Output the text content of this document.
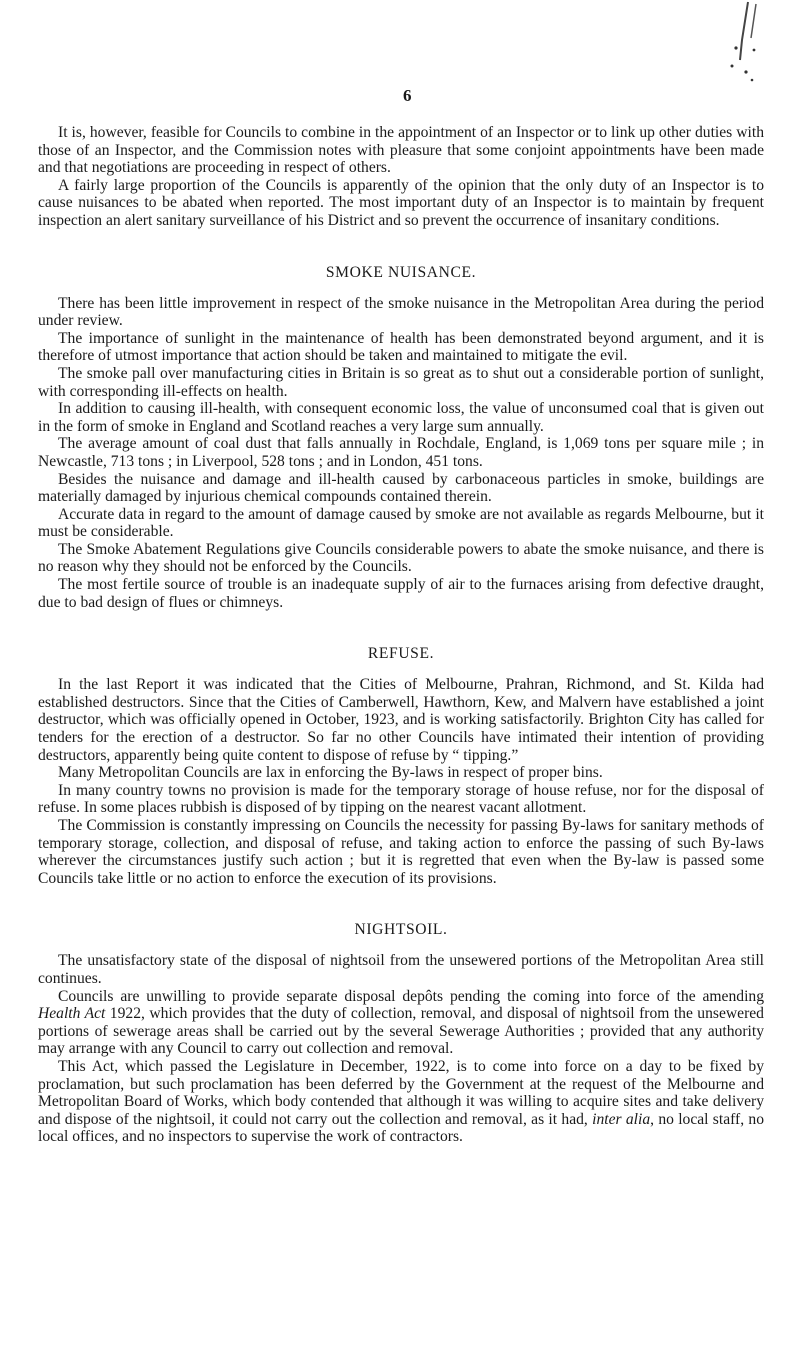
6

It is, however, feasible for Councils to combine in the appointment of an Inspector or to link up other duties with those of an Inspector, and the Commission notes with pleasure that some conjoint appointments have been made and that negotiations are proceeding in respect of others.

A fairly large proportion of the Councils is apparently of the opinion that the only duty of an Inspector is to cause nuisances to be abated when reported. The most important duty of an Inspector is to maintain by frequent inspection an alert sanitary surveillance of his District and so prevent the occurrence of insanitary conditions.

SMOKE NUISANCE.

There has been little improvement in respect of the smoke nuisance in the Metropolitan Area during the period under review.

The importance of sunlight in the maintenance of health has been demonstrated beyond argument, and it is therefore of utmost importance that action should be taken and maintained to mitigate the evil.

The smoke pall over manufacturing cities in Britain is so great as to shut out a considerable portion of sunlight, with corresponding ill-effects on health.

In addition to causing ill-health, with consequent economic loss, the value of unconsumed coal that is given out in the form of smoke in England and Scotland reaches a very large sum annually.

The average amount of coal dust that falls annually in Rochdale, England, is 1,069 tons per square mile ; in Newcastle, 713 tons ; in Liverpool, 528 tons ; and in London, 451 tons.

Besides the nuisance and damage and ill-health caused by carbonaceous particles in smoke, buildings are materially damaged by injurious chemical compounds contained therein.

Accurate data in regard to the amount of damage caused by smoke are not available as regards Melbourne, but it must be considerable.

The Smoke Abatement Regulations give Councils considerable powers to abate the smoke nuisance, and there is no reason why they should not be enforced by the Councils.

The most fertile source of trouble is an inadequate supply of air to the furnaces arising from defective draught, due to bad design of flues or chimneys.

REFUSE.

In the last Report it was indicated that the Cities of Melbourne, Prahran, Richmond, and St. Kilda had established destructors. Since that the Cities of Camberwell, Hawthorn, Kew, and Malvern have established a joint destructor, which was officially opened in October, 1923, and is working satisfactorily. Brighton City has called for tenders for the erection of a destructor. So far no other Councils have intimated their intention of providing destructors, apparently being quite content to dispose of refuse by “ tipping.”

Many Metropolitan Councils are lax in enforcing the By-laws in respect of proper bins.

In many country towns no provision is made for the temporary storage of house refuse, nor for the disposal of refuse. In some places rubbish is disposed of by tipping on the nearest vacant allotment.

The Commission is constantly impressing on Councils the necessity for passing By-laws for sanitary methods of temporary storage, collection, and disposal of refuse, and taking action to enforce the passing of such By-laws wherever the circumstances justify such action ; but it is regretted that even when the By-law is passed some Councils take little or no action to enforce the execution of its provisions.

NIGHTSOIL.

The unsatisfactory state of the disposal of nightsoil from the unsewered portions of the Metropolitan Area still continues.

Councils are unwilling to provide separate disposal depôts pending the coming into force of the amending Health Act 1922, which provides that the duty of collection, removal, and disposal of nightsoil from the unsewered portions of sewerage areas shall be carried out by the several Sewerage Authorities ; provided that any authority may arrange with any Council to carry out collection and removal.

This Act, which passed the Legislature in December, 1922, is to come into force on a day to be fixed by proclamation, but such proclamation has been deferred by the Government at the request of the Melbourne and Metropolitan Board of Works, which body contended that although it was willing to acquire sites and take delivery and dispose of the nightsoil, it could not carry out the collection and removal, as it had, inter alia, no local staff, no local offices, and no inspectors to supervise the work of contractors.
